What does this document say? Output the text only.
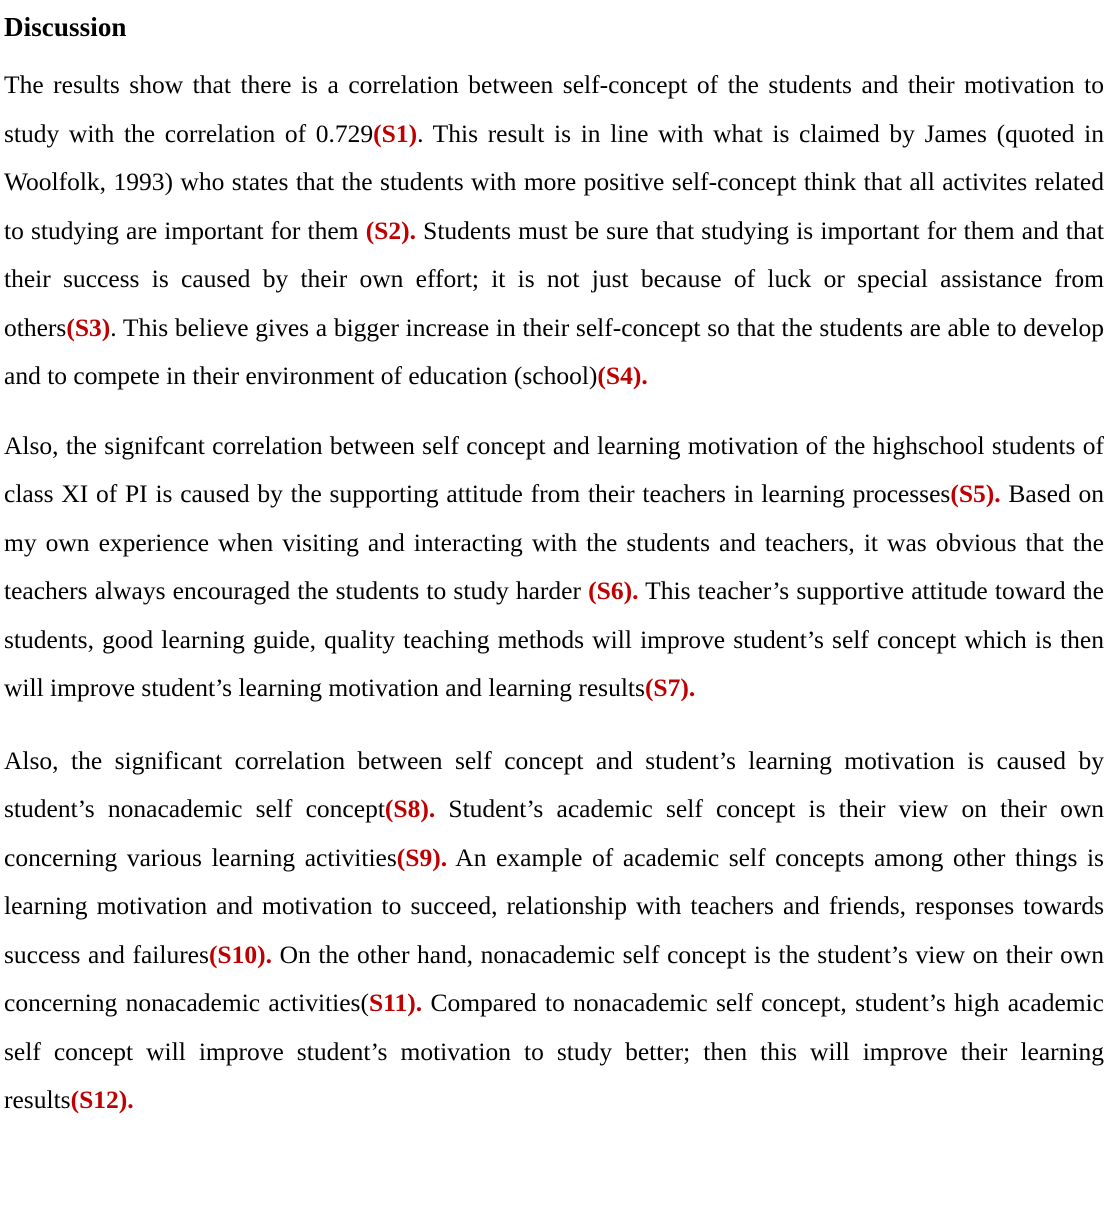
Discussion

The results show that there is a correlation between self-concept of the students and their motivation to study with the correlation of 0.729(S1). This result is in line with what is claimed by James (quoted in Woolfolk, 1993) who states that the students with more positive self-concept think that all activites related to studying are important for them (S2). Students must be sure that studying is important for them and that their success is caused by their own effort; it is not just because of luck or special assistance from others(S3). This believe gives a bigger increase in their self-concept so that the students are able to develop and to compete in their environment of education (school)(S4).

Also, the signifcant correlation between self concept and learning motivation of the highschool students of class XI of PI is caused by the supporting attitude from their teachers in learning processes(S5). Based on my own experience when visiting and interacting with the students and teachers, it was obvious that the teachers always encouraged the students to study harder (S6). This teacher’s supportive attitude toward the students, good learning guide, quality teaching methods will improve student’s self concept which is then will improve student’s learning motivation and learning results(S7).

Also, the significant correlation between self concept and student’s learning motivation is caused by student’s nonacademic self concept(S8). Student’s academic self concept is their view on their own concerning various learning activities(S9). An example of academic self concepts among other things is learning motivation and motivation to succeed, relationship with teachers and friends, responses towards success and failures(S10). On the other hand, nonacademic self concept is the student’s view on their own concerning nonacademic activities(S11). Compared to nonacademic self concept, student’s high academic self concept will improve student’s motivation to study better; then this will improve their learning results(S12).
